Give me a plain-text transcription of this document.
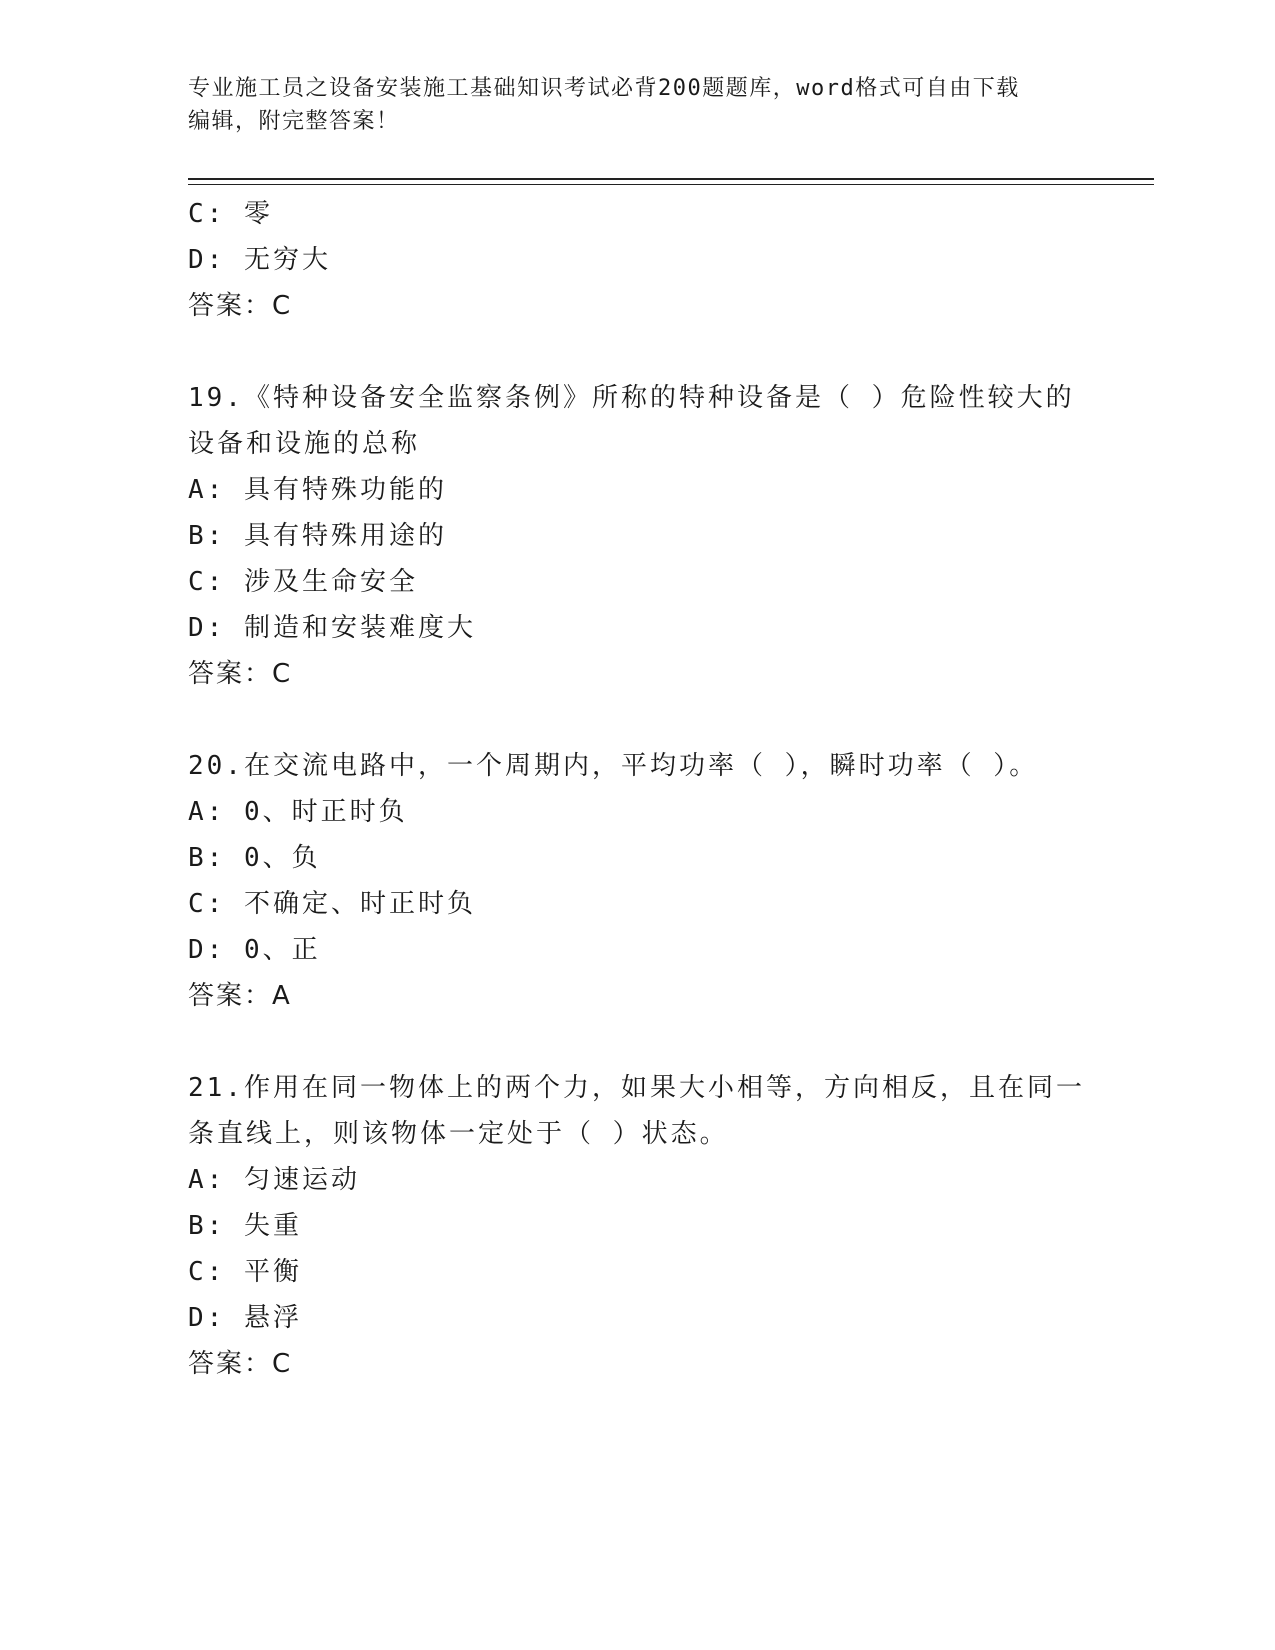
专业施工员之设备安装施工基础知识考试必背200题题库，word格式可自由下载
编辑，附完整答案！
C: 零
D: 无穷大
答案：C
19.《特种设备安全监察条例》所称的特种设备是（ ）危险性较大的
设备和设施的总称
A: 具有特殊功能的
B: 具有特殊用途的
C: 涉及生命安全
D: 制造和安装难度大
答案：C
20.在交流电路中，一个周期内，平均功率（ ），瞬时功率（ ）。
A: 0、时正时负
B: 0、负
C: 不确定、时正时负
D: 0、正
答案：A
21.作用在同一物体上的两个力，如果大小相等，方向相反，且在同一
条直线上，则该物体一定处于（ ）状态。
A: 匀速运动
B: 失重
C: 平衡
D: 悬浮
答案：C
